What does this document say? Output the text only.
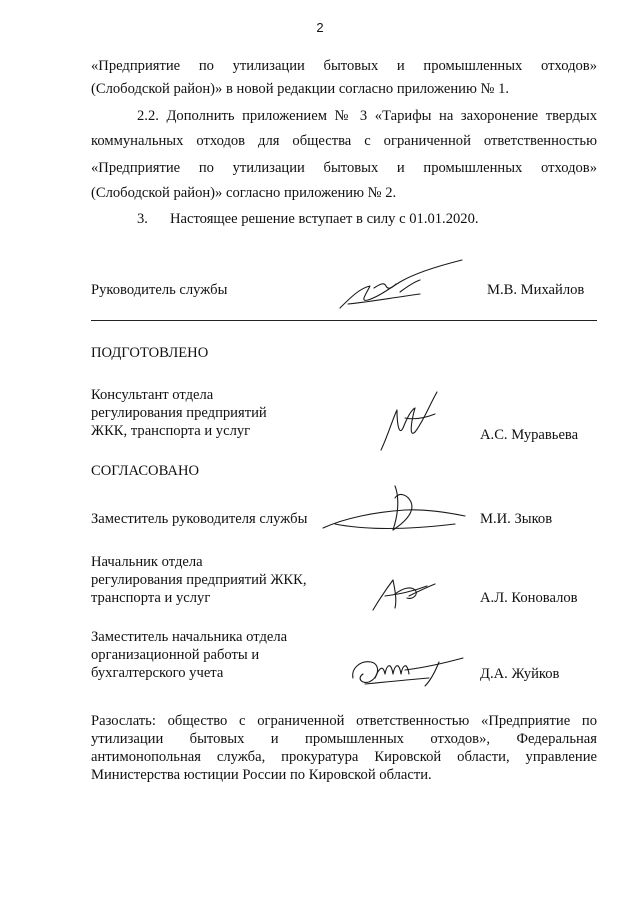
2
«Предприятие по утилизации бытовых и промышленных отходов»
(Слободской район)» в новой редакции согласно приложению № 1.
2.2. Дополнить приложением № 3 «Тарифы на захоронение твердых
коммунальных отходов для общества с ограниченной ответственностью
«Предприятие по утилизации бытовых и промышленных отходов»
(Слободской район)» согласно приложению № 2.
3. Настоящее решение вступает в силу с 01.01.2020.
Руководитель службы	М.В. Михайлов
ПОДГОТОВЛЕНО
Консультант отдела
регулирования предприятий
ЖКК, транспорта и услуг	А.С. Муравьева
СОГЛАСОВАНО
Заместитель руководителя службы	М.И. Зыков
Начальник отдела
регулирования предприятий ЖКК,
транспорта и услуг	А.Л. Коновалов
Заместитель начальника отдела
организационной работы и
бухгалтерского учета	Д.А. Жуйков
Разослать: общество с ограниченной ответственностью «Предприятие по
утилизации бытовых и промышленных отходов», Федеральная
антимонопольная служба, прокуратура Кировской области, управление
Министерства юстиции России по Кировской области.
